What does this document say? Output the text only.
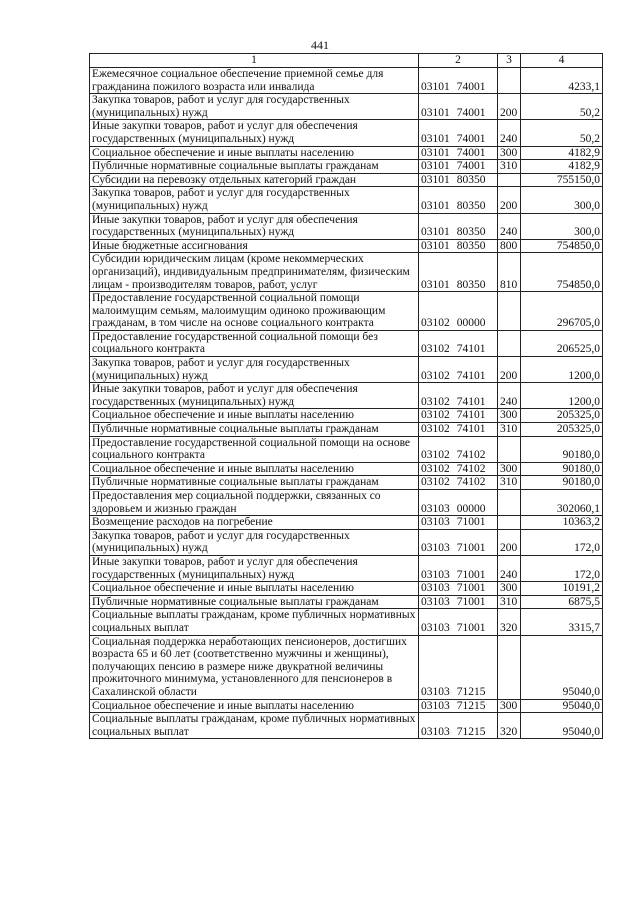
441
1	2	3	4
Ежемесячное социальное обеспечение приемной семье для гражданина пожилого возраста или инвалида	03101 74001		4233,1
Закупка товаров, работ и услуг для государственных (муниципальных) нужд	03101 74001	200	50,2
Иные закупки товаров, работ и услуг для обеспечения государственных (муниципальных) нужд	03101 74001	240	50,2
Социальное обеспечение и иные выплаты населению	03101 74001	300	4182,9
Публичные нормативные социальные выплаты гражданам	03101 74001	310	4182,9
Субсидии на перевозку отдельных категорий граждан	03101 80350		755150,0
Закупка товаров, работ и услуг для государственных (муниципальных) нужд	03101 80350	200	300,0
Иные закупки товаров, работ и услуг для обеспечения государственных (муниципальных) нужд	03101 80350	240	300,0
Иные бюджетные ассигнования	03101 80350	800	754850,0
Субсидии юридическим лицам (кроме некоммерческих организаций), индивидуальным предпринимателям, физическим лицам - производителям товаров, работ, услуг	03101 80350	810	754850,0
Предоставление государственной социальной помощи малоимущим семьям, малоимущим одиноко проживающим гражданам, в том числе на основе социального контракта	03102 00000		296705,0
Предоставление государственной социальной помощи без социального контракта	03102 74101		206525,0
Закупка товаров, работ и услуг для государственных (муниципальных) нужд	03102 74101	200	1200,0
Иные закупки товаров, работ и услуг для обеспечения государственных (муниципальных) нужд	03102 74101	240	1200,0
Социальное обеспечение и иные выплаты населению	03102 74101	300	205325,0
Публичные нормативные социальные выплаты гражданам	03102 74101	310	205325,0
Предоставление государственной социальной помощи на основе социального контракта	03102 74102		90180,0
Социальное обеспечение и иные выплаты населению	03102 74102	300	90180,0
Публичные нормативные социальные выплаты гражданам	03102 74102	310	90180,0
Предоставления мер социальной поддержки, связанных со здоровьем и жизнью граждан	03103 00000		302060,1
Возмещение расходов на погребение	03103 71001		10363,2
Закупка товаров, работ и услуг для государственных (муниципальных) нужд	03103 71001	200	172,0
Иные закупки товаров, работ и услуг для обеспечения государственных (муниципальных) нужд	03103 71001	240	172,0
Социальное обеспечение и иные выплаты населению	03103 71001	300	10191,2
Публичные нормативные социальные выплаты гражданам	03103 71001	310	6875,5
Социальные выплаты гражданам, кроме публичных нормативных социальных выплат	03103 71001	320	3315,7
Социальная поддержка неработающих пенсионеров, достигших возраста 65 и 60 лет (соответственно мужчины и женщины), получающих пенсию в размере ниже двукратной величины прожиточного минимума, установленного для пенсионеров в Сахалинской области	03103 71215		95040,0
Социальное обеспечение и иные выплаты населению	03103 71215	300	95040,0
Социальные выплаты гражданам, кроме публичных нормативных социальных выплат	03103 71215	320	95040,0
